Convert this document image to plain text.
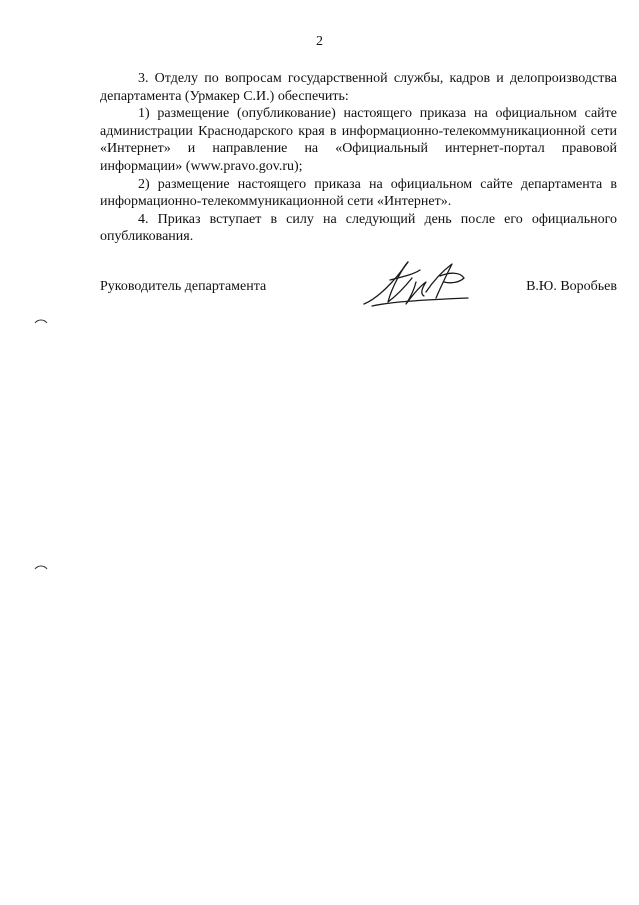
2

3. Отделу по вопросам государственной службы, кадров и делопроизводства департамента (Урмакер С.И.) обеспечить:

1) размещение (опубликование) настоящего приказа на официальном сайте администрации Краснодарского края в информационно-телекоммуникационной сети «Интернет» и направление на «Официальный интернет-портал правовой информации» (www.pravo.gov.ru);

2) размещение настоящего приказа на официальном сайте департамента в информационно-телекоммуникационной сети «Интернет».

4. Приказ вступает в силу на следующий день после его официального опубликования.

Руководитель департамента	В.Ю. Воробьев
